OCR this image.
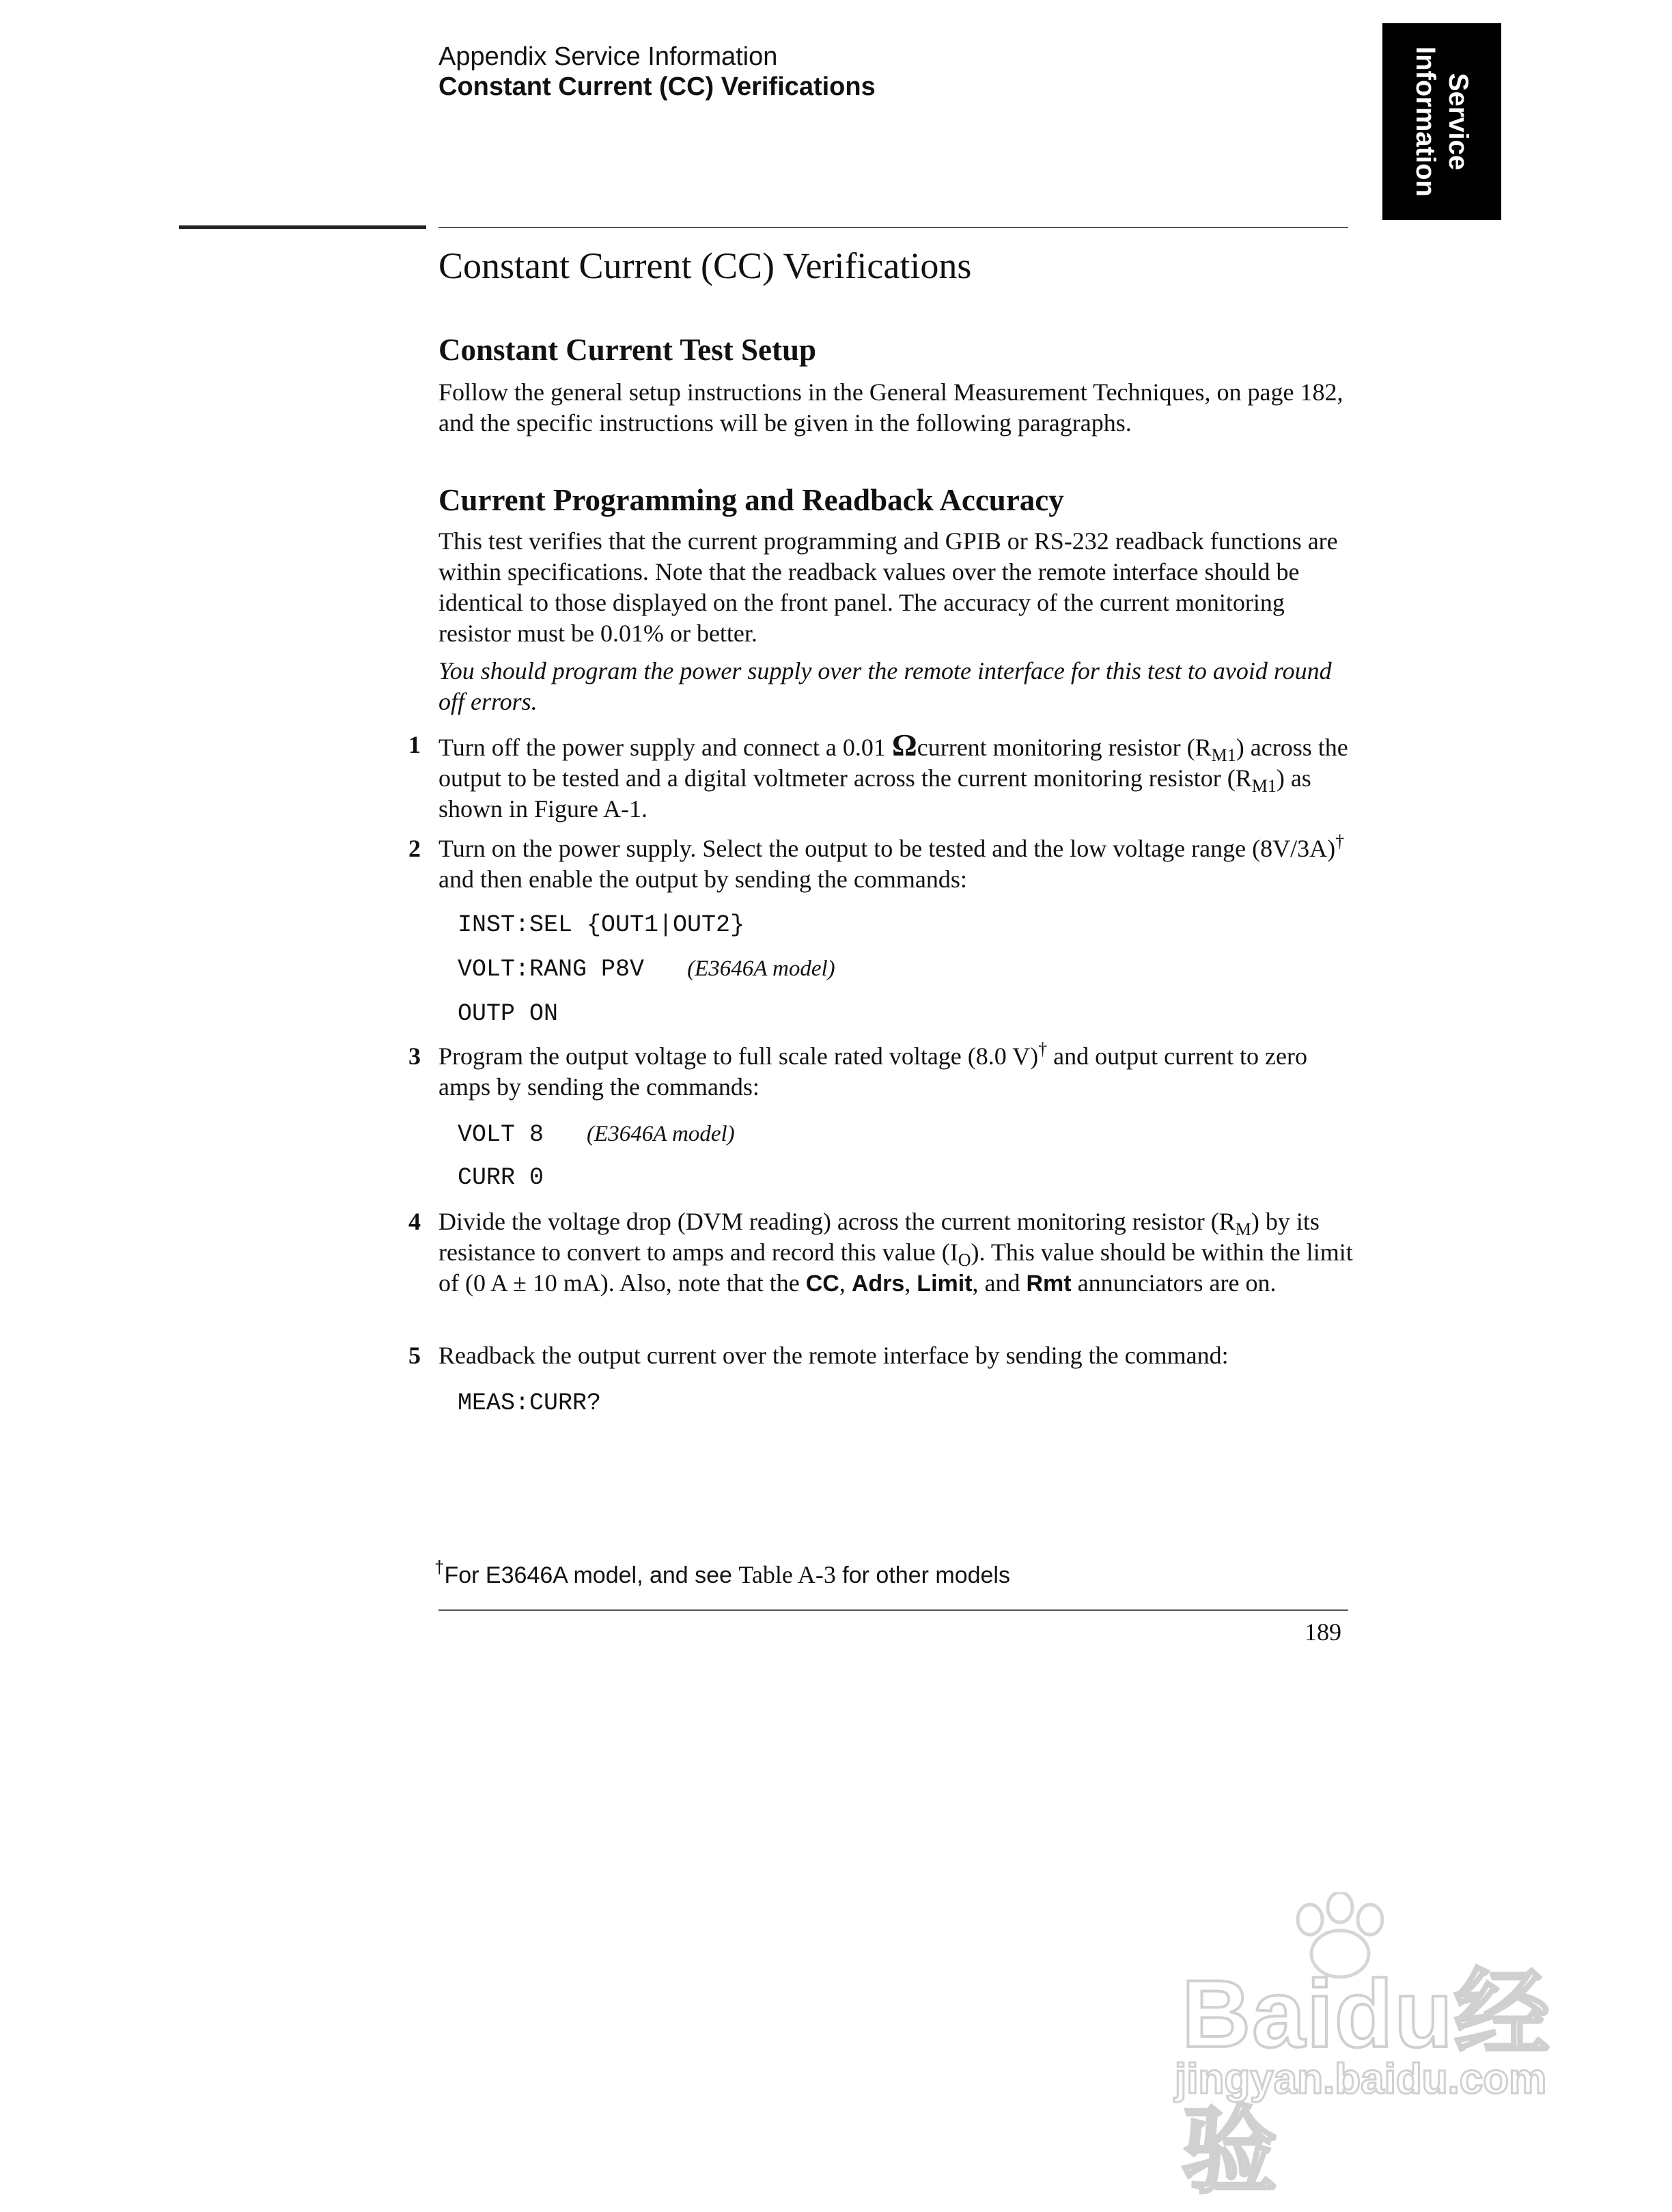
Appendix Service Information
Constant Current (CC) Verifications	Service
Information
Constant Current (CC) Verifications
Constant Current Test Setup
Follow the general setup instructions in the General Measurement Techniques, on page 182, and the specific instructions will be given in the following paragraphs.
Current Programming and Readback Accuracy
This test verifies that the current programming and GPIB or RS-232 readback functions are within specifications. Note that the readback values over the remote interface should be identical to those displayed on the front panel. The accuracy of the current monitoring resistor must be 0.01% or better.
You should program the power supply over the remote interface for this test to avoid round off errors.
1 Turn off the power supply and connect a 0.01 Ωcurrent monitoring resistor $(R_{M1})$ across the output to be tested and a digital voltmeter across the current monitoring resistor $(R_{M1})$ as shown in Figure A-1.
2 Turn on the power supply. Select the output to be tested and the low voltage range (8V/3A)† and then enable the output by sending the commands:
INST:SEL {OUT1|OUT2}
VOLT:RANG P8V (E3646A model)
OUTP ON
3 Program the output voltage to full scale rated voltage (8.0 V)† and output current to zero amps by sending the commands:
VOLT 8 (E3646A model)
CURR 0
4 Divide the voltage drop (DVM reading) across the current monitoring resistor $(R_M)$ by its resistance to convert to amps and record this value $(I_O)$. This value should be within the limit of (0 A ± 10 mA). Also, note that the CC, Adrs, Limit, and Rmt annunciators are on.
5 Readback the output current over the remote interface by sending the command:
MEAS:CURR?
†For E3646A model, and see Table A-3 for other models
189
Baidu经验
jingyan.baidu.com
